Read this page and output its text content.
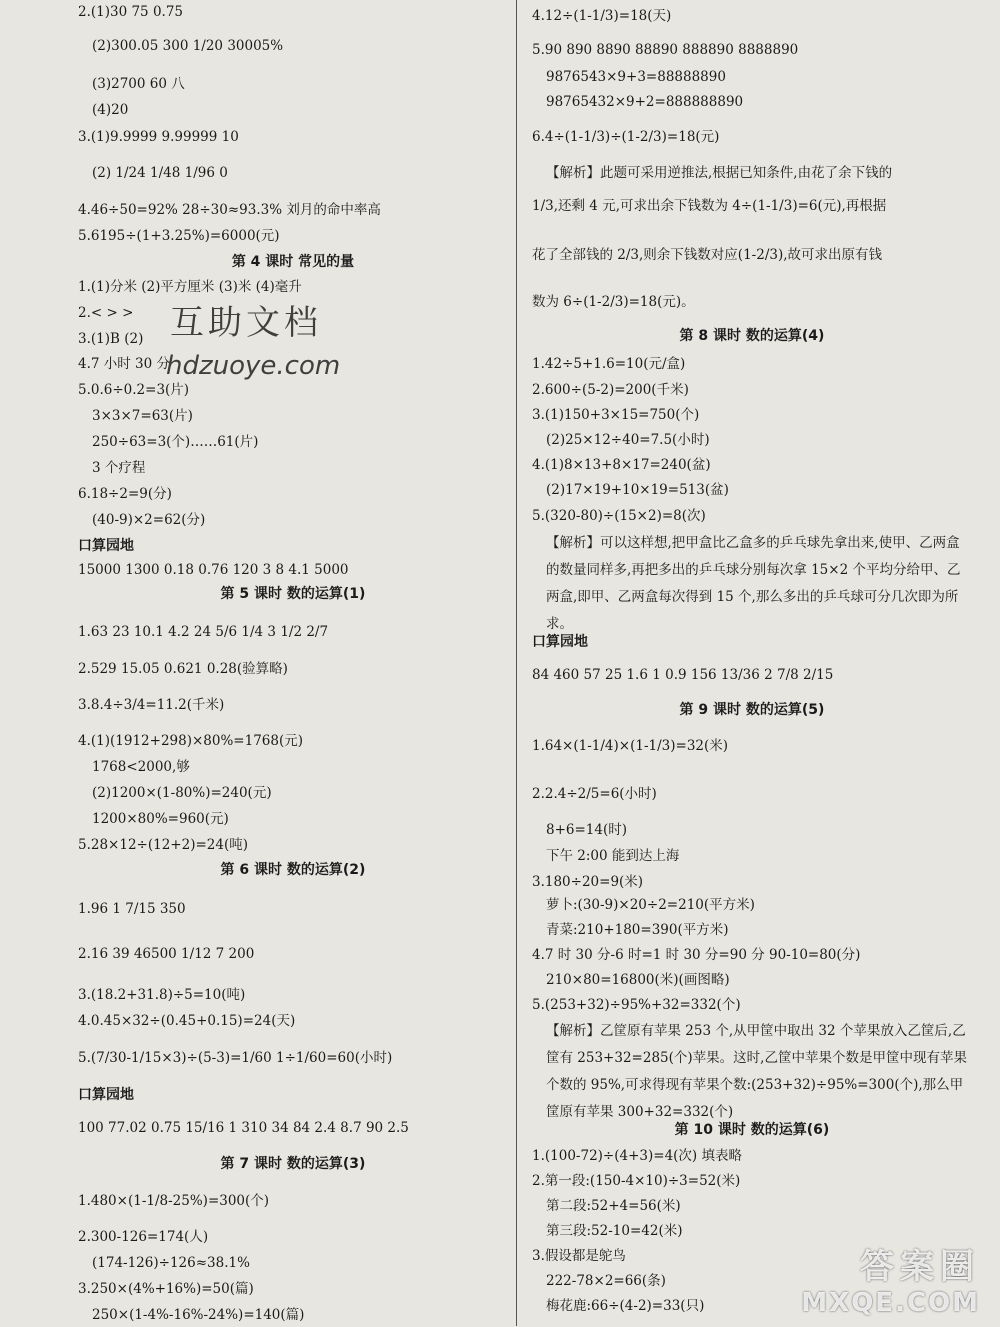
2.(1)30 75 0.75
(2)300.05 300 1/20 30005%
(3)2700 60 八
(4)20
3.(1)9.9999 9.99999 10
(2) 1/24 1/48 1/96 0
4.46÷50=92% 28÷30≈93.3% 刘月的命中率高
5.6195÷(1+3.25%)=6000(元)
第 4 课时 常见的量
1.(1)分米 (2)平方厘米 (3)米 (4)毫升
2.< > >
3.(1)B (2)
4.7 小时 30 分
5.0.6÷0.2=3(片)
3×3×7=63(片)
250÷63=3(个)……61(片)
3 个疗程
6.18÷2=9(分)
(40-9)×2=62(分)
口算园地
15000 1300 0.18 0.76 120 3 8 4.1 5000
第 5 课时 数的运算(1)
1.63 23 10.1 4.2 24 5/6 1/4 3 1/2 2/7
2.529 15.05 0.621 0.28(验算略)
3.8.4÷3/4=11.2(千米)
4.(1)(1912+298)×80%=1768(元)
1768<2000,够
(2)1200×(1-80%)=240(元)
1200×80%=960(元)
5.28×12÷(12+2)=24(吨)
第 6 课时 数的运算(2)
1.96 1 7/15 350
2.16 39 46500 1/12 7 200
3.(18.2+31.8)÷5=10(吨)
4.0.45×32÷(0.45+0.15)=24(天)
5.(7/30-1/15×3)÷(5-3)=1/60 1÷1/60=60(小时)
口算园地
100 77.02 0.75 15/16 1 310 34 84 2.4 8.7 90 2.5
第 7 课时 数的运算(3)
1.480×(1-1/8-25%)=300(个)
2.300-126=174(人)
(174-126)÷126≈38.1%
3.250×(4%+16%)=50(篇)
250×(1-4%-16%-24%)=140(篇)
4.12÷(1-1/3)=18(天)
5.90 890 8890 88890 888890 8888890
9876543×9+3=88888890
98765432×9+2=888888890
6.4÷(1-1/3)÷(1-2/3)=18(元)
【解析】此题可采用逆推法,根据已知条件,由花了余下钱的
1/3,还剩 4 元,可求出余下钱数为 4÷(1-1/3)=6(元),再根据
花了全部钱的 2/3,则余下钱数对应(1-2/3),故可求出原有钱
数为 6÷(1-2/3)=18(元)。
第 8 课时 数的运算(4)
1.42÷5+1.6=10(元/盒)
2.600÷(5-2)=200(千米)
3.(1)150+3×15=750(个)
(2)25×12÷40=7.5(小时)
4.(1)8×13+8×17=240(盆)
(2)17×19+10×19=513(盆)
5.(320-80)÷(15×2)=8(次)
【解析】可以这样想,把甲盒比乙盒多的乒乓球先拿出来,使甲、乙两盒的数量同样多,再把多出的乒乓球分别每次拿 15×2 个平均分给甲、乙两盒,即甲、乙两盒每次得到 15 个,那么多出的乒乓球可分几次即为所求。
口算园地
84 460 57 25 1.6 1 0.9 156 13/36 2 7/8 2/15
第 9 课时 数的运算(5)
1.64×(1-1/4)×(1-1/3)=32(米)
2.2.4÷2/5=6(小时)
8+6=14(时)
下午 2:00 能到达上海
3.180÷20=9(米)
萝卜:(30-9)×20÷2=210(平方米)
青菜:210+180=390(平方米)
4.7 时 30 分-6 时=1 时 30 分=90 分 90-10=80(分)
210×80=16800(米)(画图略)
5.(253+32)÷95%+32=332(个)
【解析】乙筐原有苹果 253 个,从甲筐中取出 32 个苹果放入乙筐后,乙筐有 253+32=285(个)苹果。这时,乙筐中苹果个数是甲筐中现有苹果个数的 95%,可求得现有苹果个数:(253+32)÷95%=300(个),那么甲筐原有苹果 300+32=332(个)
第 10 课时 数的运算(6)
1.(100-72)÷(4+3)=4(次) 填表略
2.第一段:(150-4×10)÷3=52(米)
第二段:52+4=56(米)
第三段:52-10=42(米)
3.假设都是鸵鸟
222-78×2=66(条)
梅花鹿:66÷(4-2)=33(只)
互助文档
hdzuoye.com
答案圈
MXQE.COM
